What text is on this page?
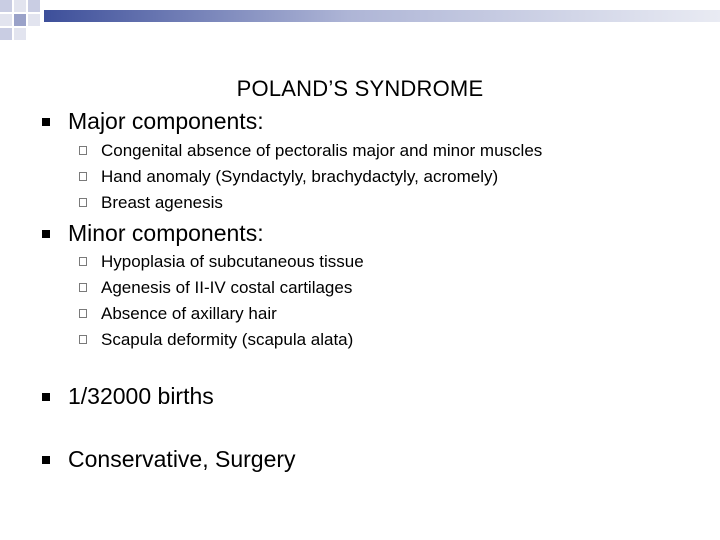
POLAND’S SYNDROME
Major components:
Congenital absence of pectoralis major and minor muscles
Hand anomaly (Syndactyly, brachydactyly, acromely)
Breast agenesis
Minor components:
Hypoplasia of subcutaneous tissue
Agenesis of II-IV costal cartilages
Absence of axillary hair
Scapula deformity (scapula alata)
1/32000 births
Conservative, Surgery
